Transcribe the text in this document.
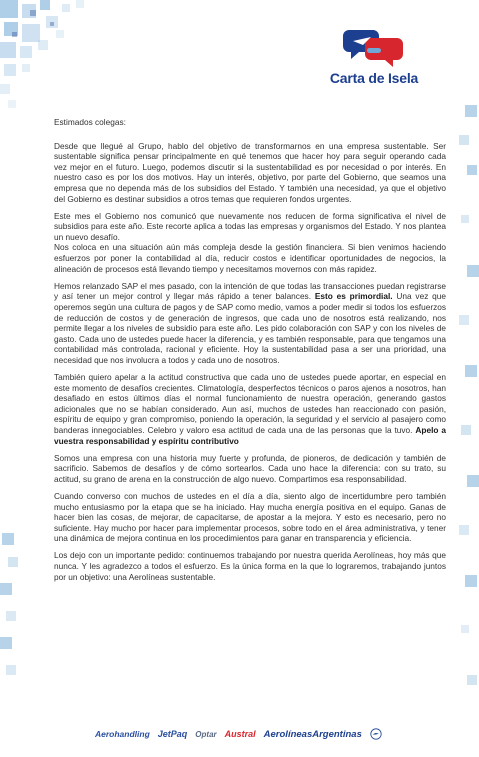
Carta de Isela

Estimados colegas:

Desde que llegué al Grupo, hablo del objetivo de transformarnos en una empresa sustentable. Ser sustentable significa pensar principalmente en qué tenemos que hacer hoy para seguir operando cada vez mejor en el futuro. Luego, podemos discutir si la sustentabilidad es por necesidad o por interés. En nuestro caso es por los dos motivos. Hay un interés, objetivo, por parte del Gobierno, que seamos una empresa que no dependa más de los subsidios del Estado. Y también una necesidad, ya que el objetivo del Gobierno es destinar subsidios a otros temas que requieren fondos urgentes.

Este mes el Gobierno nos comunicó que nuevamente nos reducen de forma significativa el nivel de subsidios para este año. Este recorte aplica a todas las empresas y organismos del Estado. Y nos plantea un nuevo desafío.

Nos coloca en una situación aún más compleja desde la gestión financiera. Si bien venimos haciendo esfuerzos por poner la contabilidad al día, reducir costos e identificar oportunidades de negocios, la alineación de procesos está llevando tiempo y necesitamos movernos con más rapidez.

Hemos relanzado SAP el mes pasado, con la intención de que todas las transacciones puedan registrarse y así tener un mejor control y llegar más rápido a tener balances. Esto es primordial. Una vez que operemos según una cultura de pagos y de SAP como medio, vamos a poder medir si todos los esfuerzos de reducción de costos y de generación de ingresos, que cada uno de nosotros está realizando, nos permite llegar a los niveles de subsidio para este año. Les pido colaboración con SAP y con los niveles de gasto. Cada uno de ustedes puede hacer la diferencia, y es también responsable, para que tengamos una contabilidad más controlada, racional y eficiente. Hoy la sustentabilidad pasa a ser una prioridad, una necesidad que nos involucra a todos y cada uno de nosotros.

También quiero apelar a la actitud constructiva que cada uno de ustedes puede aportar, en especial en este momento de desafíos crecientes. Climatología, desperfectos técnicos o paros ajenos a nosotros, han desafiado en estos últimos días el normal funcionamiento de nuestra operación, generando gastos adicionales que no se habían considerado. Aun así, muchos de ustedes han reaccionado con pasión, espíritu de equipo y gran compromiso, poniendo la operación, la seguridad y el servicio al pasajero como banderas innegociables. Celebro y valoro esa actitud de cada una de las personas que la tuvo. Apelo a vuestra responsabilidad y espíritu contributivo

Somos una empresa con una historia muy fuerte y profunda, de pioneros, de dedicación y también de sacrificio. Sabemos de desafíos y de cómo sortearlos. Cada uno hace la diferencia: con su trato, su actitud, su grano de arena en la construcción de algo nuevo. Compartimos esa responsabilidad.

Cuando converso con muchos de ustedes en el día a día, siento algo de incertidumbre pero también mucho entusiasmo por la etapa que se ha iniciado. Hay mucha energía positiva en el equipo. Ganas de hacer bien las cosas, de mejorar, de capacitarse, de apostar a la mejora. Y esto es necesario, pero no suficiente. Hay mucho por hacer para implementar procesos, sobre todo en el área administrativa, y tener una dinámica de mejora continua en los procedimientos para ganar en transparencia y eficiencia.

Los dejo con un importante pedido: continuemos trabajando por nuestra querida Aerolíneas, hoy más que nunca. Y les agradezco a todos el esfuerzo. Es la única forma en la que lo lograremos, trabajando juntos por un objetivo: una Aerolíneas sustentable.

Aerohandling JetPaq Optar Austral AerolíneasArgentinas
